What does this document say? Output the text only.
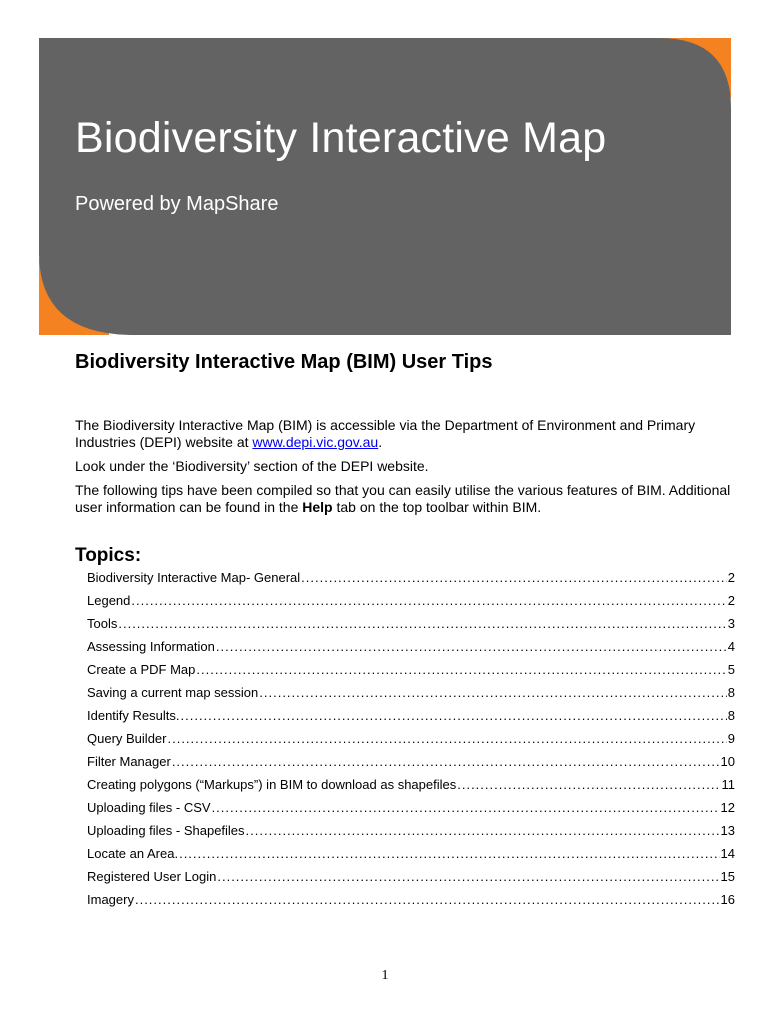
Biodiversity Interactive Map
Powered by MapShare
Biodiversity Interactive Map (BIM) User Tips

The Biodiversity Interactive Map (BIM) is accessible via the Department of Environment and Primary Industries (DEPI) website at www.depi.vic.gov.au.

Look under the ‘Biodiversity’ section of the DEPI website.

The following tips have been compiled so that you can easily utilise the various features of BIM. Additional user information can be found in the Help tab on the top toolbar within BIM.

Topics:
Biodiversity Interactive Map- General .....	2
Legend .....	2
Tools .....	3
Assessing Information .....	4
Create a PDF Map .....	5
Saving a current map session .....	8
Identify Results. .....	8
Query Builder .....	9
Filter Manager .....	10
Creating polygons (“Markups”) in BIM to download as shapefiles .....	11
Uploading files - CSV .....	12
Uploading files - Shapefiles .....	13
Locate an Area. .....	14
Registered User Login .....	15
Imagery .....	16
1
